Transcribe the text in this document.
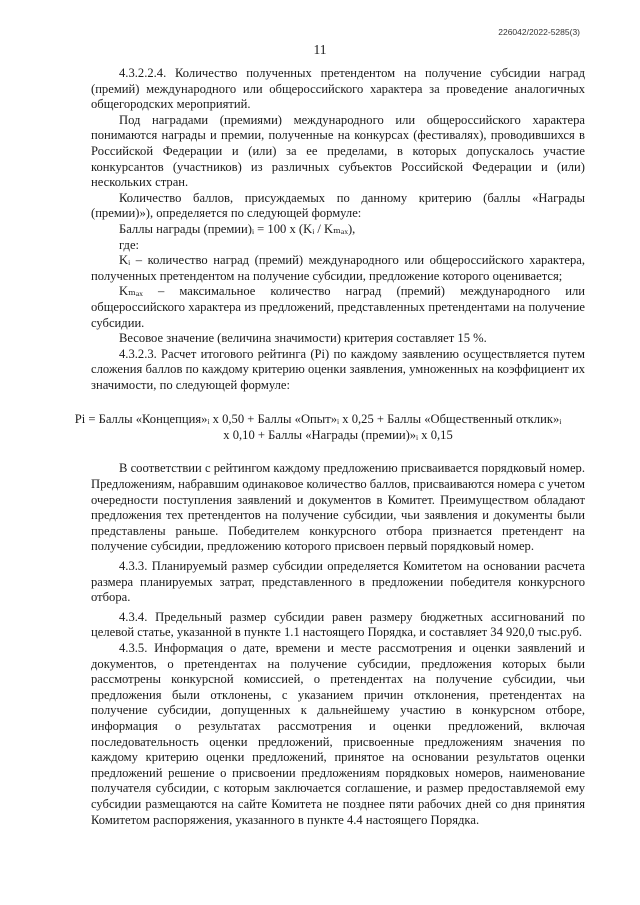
226042/2022-5285(3)
11

4.3.2.2.4. Количество полученных претендентом на получение субсидии наград (премий) международного или общероссийского характера за проведение аналогичных общегородских мероприятий.

Под наградами (премиями) международного или общероссийского характера понимаются награды и премии, полученные на конкурсах (фестивалях), проводившихся в Российской Федерации и (или) за ее пределами, в которых допускалось участие конкурсантов (участников) из различных субъектов Российской Федерации и (или) нескольких стран.

Количество баллов, присуждаемых по данному критерию (баллы «Награды (премии)»), определяется по следующей формуле:

Баллы награды (премии)ᵢ = 100 x (Kᵢ / Kₘₐₓ),

где:

Kᵢ – количество наград (премий) международного или общероссийского характера, полученных претендентом на получение субсидии, предложение которого оценивается;

Kₘₐₓ – максимальное количество наград (премий) международного или общероссийского характера из предложений, представленных претендентами на получение субсидии.

Весовое значение (величина значимости) критерия составляет 15 %.

4.3.2.3. Расчет итогового рейтинга (Pi) по каждому заявлению осуществляется путем сложения баллов по каждому критерию оценки заявления, умноженных на коэффициент их значимости, по следующей формуле:

Pi = Баллы «Концепция»ᵢ x 0,50 + Баллы «Опыт»ᵢ x 0,25 + Баллы «Общественный отклик»ᵢ
x 0,10 + Баллы «Награды (премии)»ᵢ x 0,15

В соответствии с рейтингом каждому предложению присваивается порядковый номер. Предложениям, набравшим одинаковое количество баллов, присваиваются номера с учетом очередности поступления заявлений и документов в Комитет. Преимуществом обладают предложения тех претендентов на получение субсидии, чьи заявления и документы были представлены раньше. Победителем конкурсного отбора признается претендент на получение субсидии, предложению которого присвоен первый порядковый номер.

4.3.3. Планируемый размер субсидии определяется Комитетом на основании расчета размера планируемых затрат, представленного в предложении победителя конкурсного отбора.

4.3.4. Предельный размер субсидии равен размеру бюджетных ассигнований по целевой статье, указанной в пункте 1.1 настоящего Порядка, и составляет 34 920,0 тыс.руб.

4.3.5. Информация о дате, времени и месте рассмотрения и оценки заявлений и документов, о претендентах на получение субсидии, предложения которых были рассмотрены конкурсной комиссией, о претендентах на получение субсидии, чьи предложения были отклонены, с указанием причин отклонения, претендентах на получение субсидии, допущенных к дальнейшему участию в конкурсном отборе, информация о результатах рассмотрения и оценки предложений, включая последовательность оценки предложений, присвоенные предложениям значения по каждому критерию оценки предложений, принятое на основании результатов оценки предложений решение о присвоении предложениям порядковых номеров, наименование получателя субсидии, с которым заключается соглашение, и размер предоставляемой ему субсидии размещаются на сайте Комитета не позднее пяти рабочих дней со дня принятия Комитетом распоряжения, указанного в пункте 4.4 настоящего Порядка.
